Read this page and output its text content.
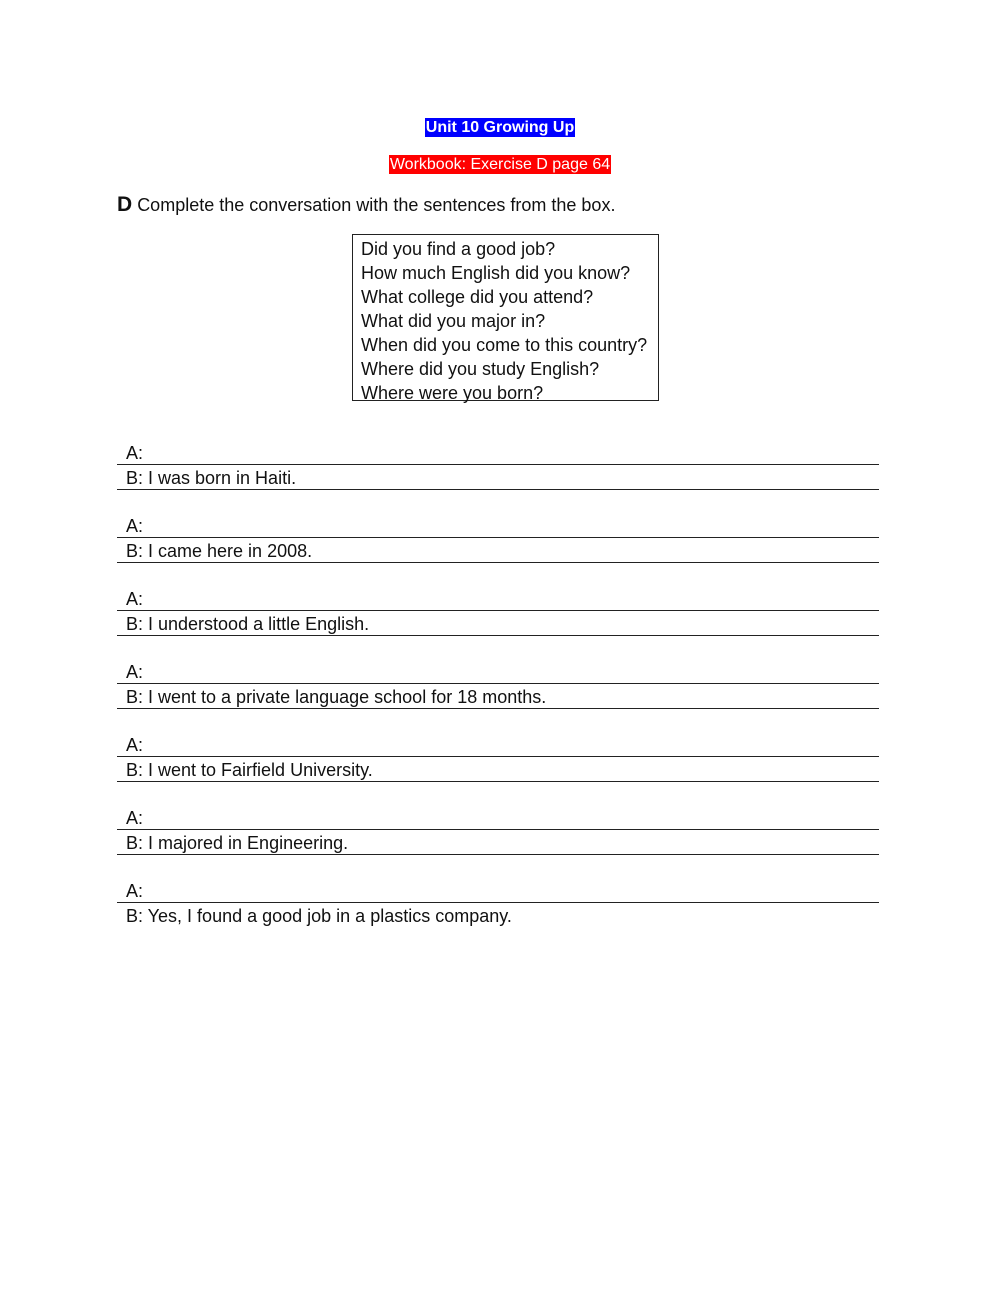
Unit 10 Growing Up
Workbook: Exercise D page 64
D Complete the conversation with the sentences from the box.
Did you find a good job?
How much English did you know?
What college did you attend?
What did you major in?
When did you come to this country?
Where did you study English?
Where were you born?
A:
B: I was born in Haiti.
A:
B: I came here in 2008.
A:
B: I understood a little English.
A:
B: I went to a private language school for 18 months.
A:
B: I went to Fairfield University.
A:
B: I majored in Engineering.
A:
B: Yes, I found a good job in a plastics company.
